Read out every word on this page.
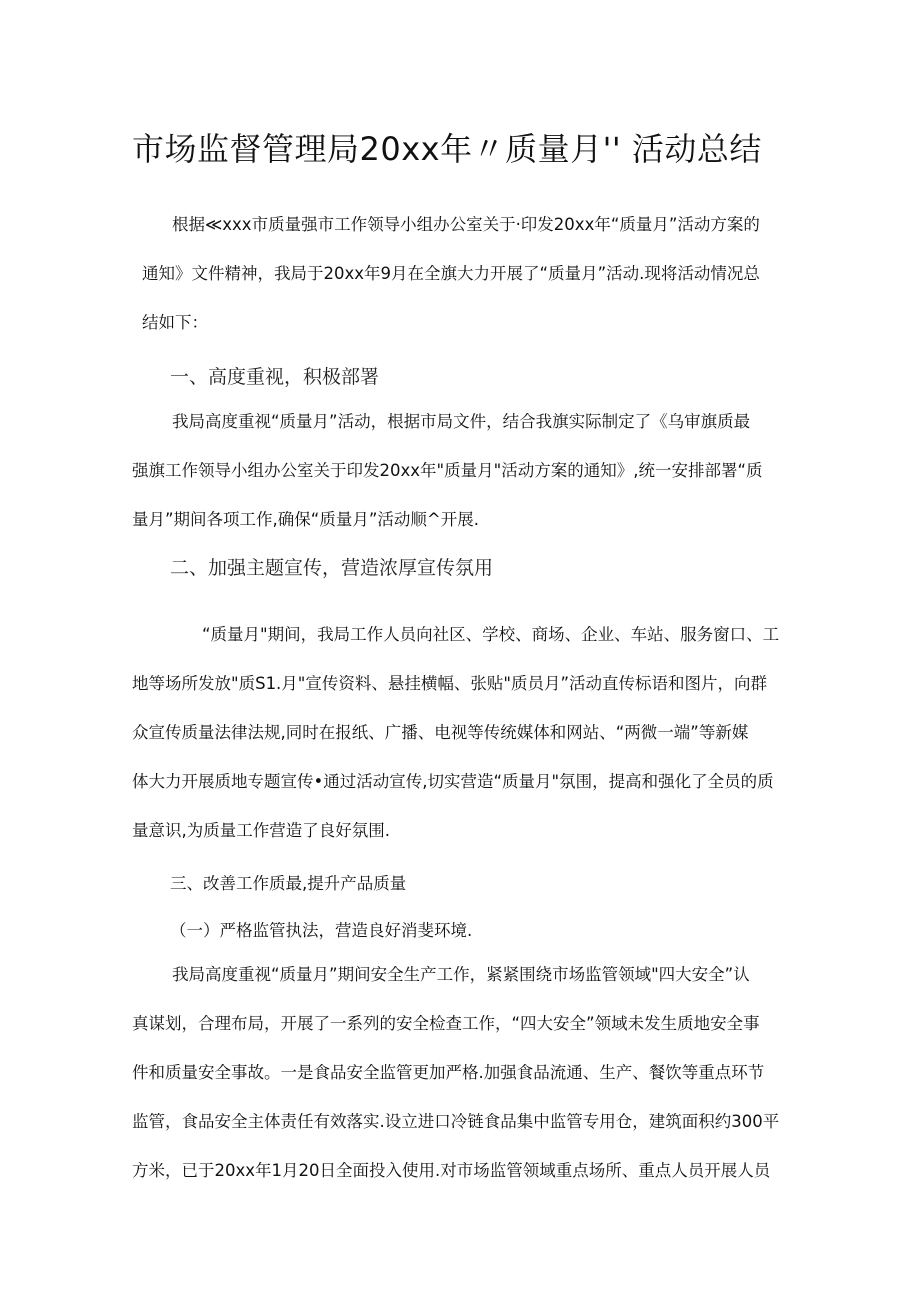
市场监督管理局20xx年〃质量月'' 活动总结
根据≪xxx市质量强市工作领导小组办公室关于·印发20xx年“质量月”活动方案的
通知》文件精神，我局于20xx年9月在全旗大力开展了“质量月”活动.现将活动情况总
结如下：
一、高度重视，积极部署
我局高度重视“质量月”活动，根据市局文件，结合我旗实际制定了《乌审旗质最
强旗工作领导小组办公室关于印发20xx年"质量月"活动方案的通知》,统一安排部署“质
量月”期间各项工作,确保“质量月”活动顺^开展.
二、加强主题宣传，营造浓厚宣传氛用
“质量月"期间，我局工作人员向社区、学校、商场、企业、车站、服务窗口、工
地等场所发放"质S1.月"宣传资料、悬挂横幅、张贴"质员月”活动直传标语和图片，向群
众宣传质量法律法规,同时在报纸、广播、电视等传统媒体和网站、“两微一端”等新媒
体大力开展质地专题宣传•通过活动宣传,切实营造“质量月"氛围，提高和强化了全员的质
量意识,为质量工作营造了良好氛围.
三、改善工作质最,提升产品质量
（一）严格监管执法，营造良好消斐环境.
我局高度重视“质量月”期间安全生产工作，紧紧围绕市场监管领域"四大安全”认
真谋划，合理布局，开展了一系列的安全检查工作，“四大安全”领域未发生质地安全事
件和质量安全事故。一是食品安全监管更加严格.加强食品流通、生产、餐饮等重点环节
监管，食品安全主体责任有效落实.设立进口冷链食品集中监管专用仓，建筑面积约300平
方米，已于20xx年1月20日全面投入使用.对市场监管领域重点场所、重点人员开展人员
